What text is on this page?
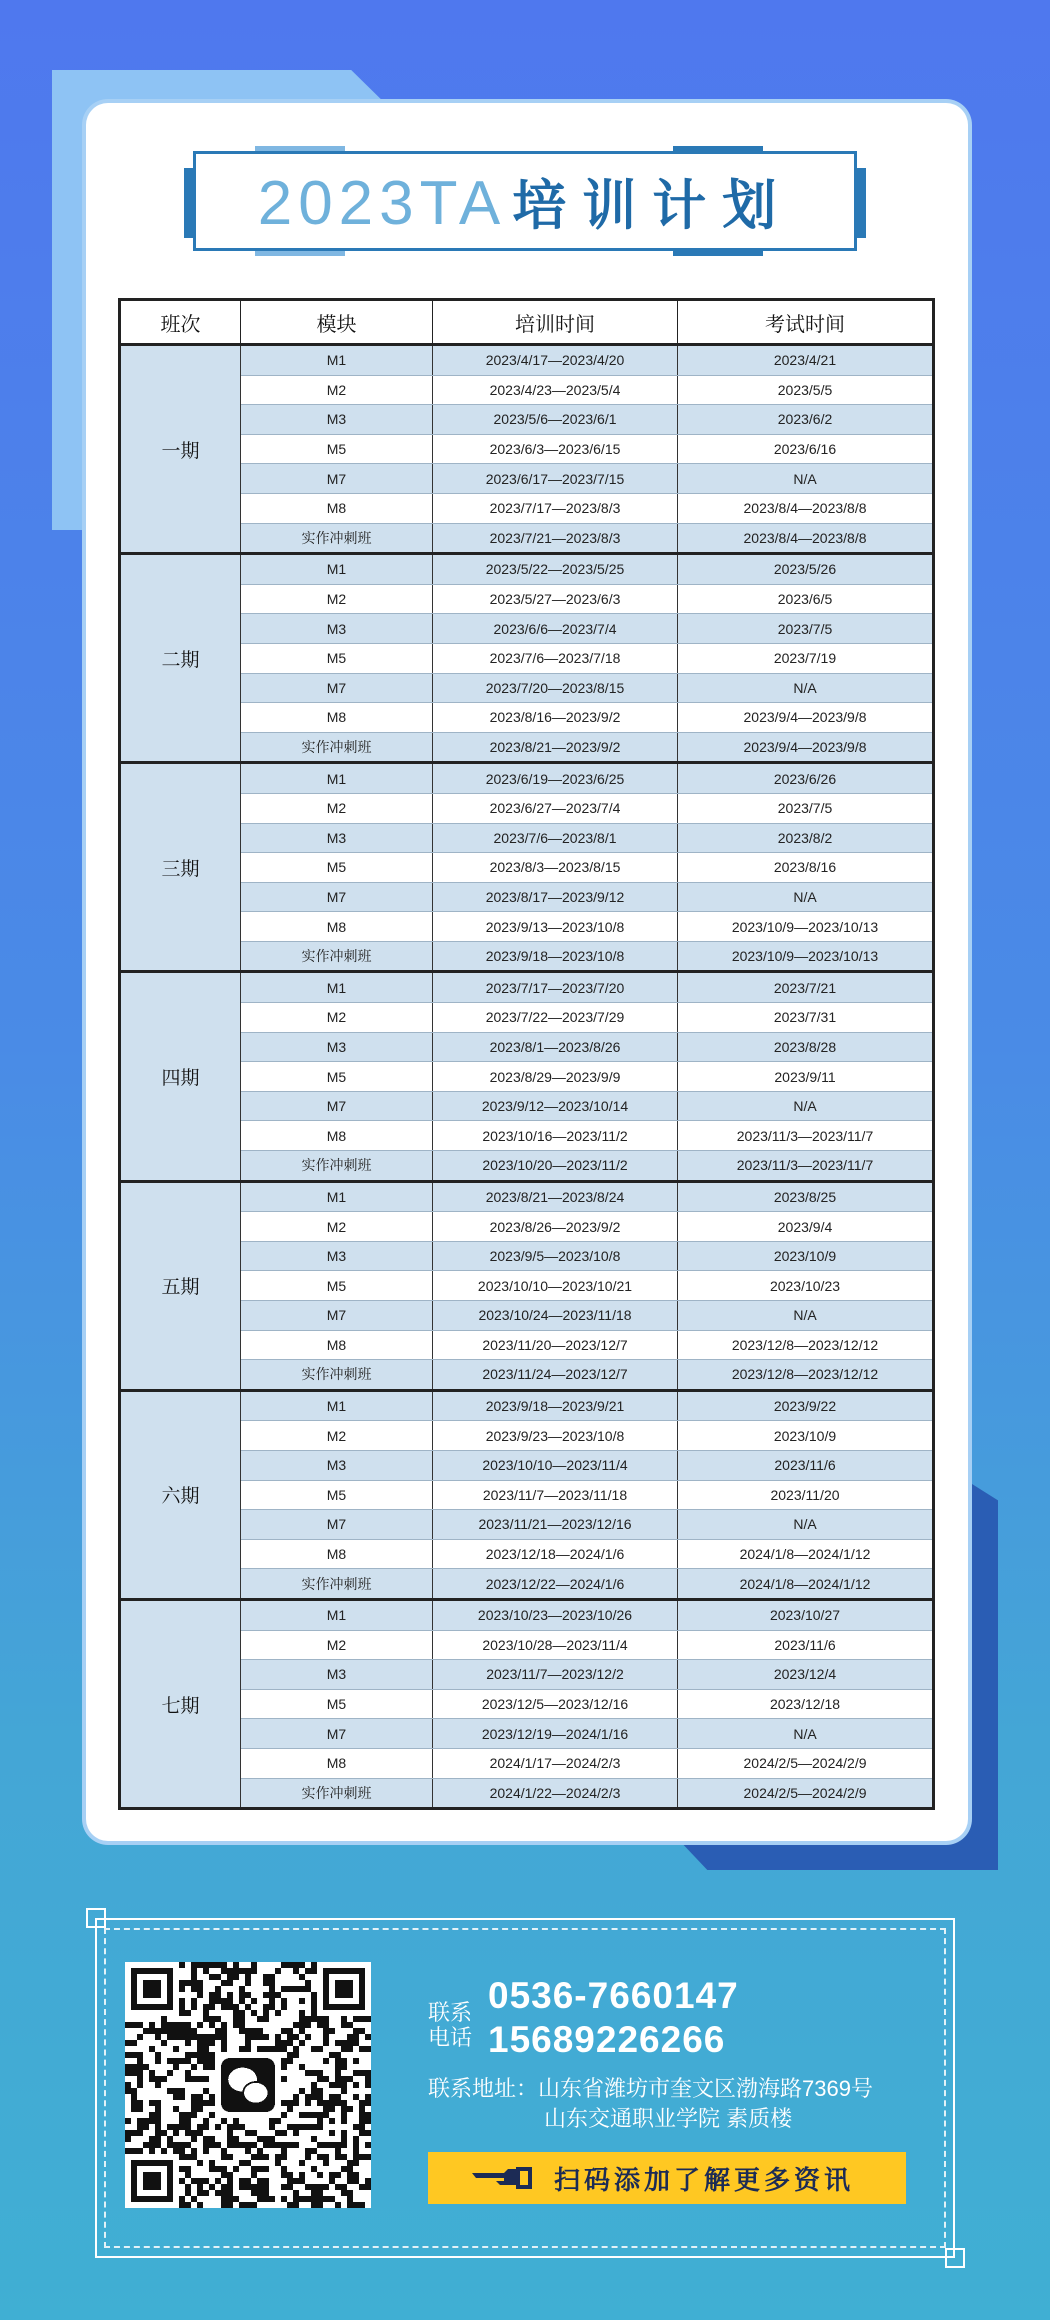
2023TA 培训计划
班次	模块	培训时间	考试时间
一期	M1	2023/4/17—2023/4/20	2023/4/21
	M2	2023/4/23—2023/5/4	2023/5/5
	M3	2023/5/6—2023/6/1	2023/6/2
	M5	2023/6/3—2023/6/15	2023/6/16
	M7	2023/6/17—2023/7/15	N/A
	M8	2023/7/17—2023/8/3	2023/8/4—2023/8/8
	实作冲刺班	2023/7/21—2023/8/3	2023/8/4—2023/8/8
二期	M1	2023/5/22—2023/5/25	2023/5/26
	M2	2023/5/27—2023/6/3	2023/6/5
	M3	2023/6/6—2023/7/4	2023/7/5
	M5	2023/7/6—2023/7/18	2023/7/19
	M7	2023/7/20—2023/8/15	N/A
	M8	2023/8/16—2023/9/2	2023/9/4—2023/9/8
	实作冲刺班	2023/8/21—2023/9/2	2023/9/4—2023/9/8
三期	M1	2023/6/19—2023/6/25	2023/6/26
	M2	2023/6/27—2023/7/4	2023/7/5
	M3	2023/7/6—2023/8/1	2023/8/2
	M5	2023/8/3—2023/8/15	2023/8/16
	M7	2023/8/17—2023/9/12	N/A
	M8	2023/9/13—2023/10/8	2023/10/9—2023/10/13
	实作冲刺班	2023/9/18—2023/10/8	2023/10/9—2023/10/13
四期	M1	2023/7/17—2023/7/20	2023/7/21
	M2	2023/7/22—2023/7/29	2023/7/31
	M3	2023/8/1—2023/8/26	2023/8/28
	M5	2023/8/29—2023/9/9	2023/9/11
	M7	2023/9/12—2023/10/14	N/A
	M8	2023/10/16—2023/11/2	2023/11/3—2023/11/7
	实作冲刺班	2023/10/20—2023/11/2	2023/11/3—2023/11/7
五期	M1	2023/8/21—2023/8/24	2023/8/25
	M2	2023/8/26—2023/9/2	2023/9/4
	M3	2023/9/5—2023/10/8	2023/10/9
	M5	2023/10/10—2023/10/21	2023/10/23
	M7	2023/10/24—2023/11/18	N/A
	M8	2023/11/20—2023/12/7	2023/12/8—2023/12/12
	实作冲刺班	2023/11/24—2023/12/7	2023/12/8—2023/12/12
六期	M1	2023/9/18—2023/9/21	2023/9/22
	M2	2023/9/23—2023/10/8	2023/10/9
	M3	2023/10/10—2023/11/4	2023/11/6
	M5	2023/11/7—2023/11/18	2023/11/20
	M7	2023/11/21—2023/12/16	N/A
	M8	2023/12/18—2024/1/6	2024/1/8—2024/1/12
	实作冲刺班	2023/12/22—2024/1/6	2024/1/8—2024/1/12
七期	M1	2023/10/23—2023/10/26	2023/10/27
	M2	2023/10/28—2023/11/4	2023/11/6
	M3	2023/11/7—2023/12/2	2023/12/4
	M5	2023/12/5—2023/12/16	2023/12/18
	M7	2023/12/19—2024/1/16	N/A
	M8	2024/1/17—2024/2/3	2024/2/5—2024/2/9
	实作冲刺班	2024/1/22—2024/2/3	2024/2/5—2024/2/9
联系电话
0536-7660147
15689226266
联系地址：山东省潍坊市奎文区渤海路7369号
山东交通职业学院 素质楼
扫码添加了解更多资讯
